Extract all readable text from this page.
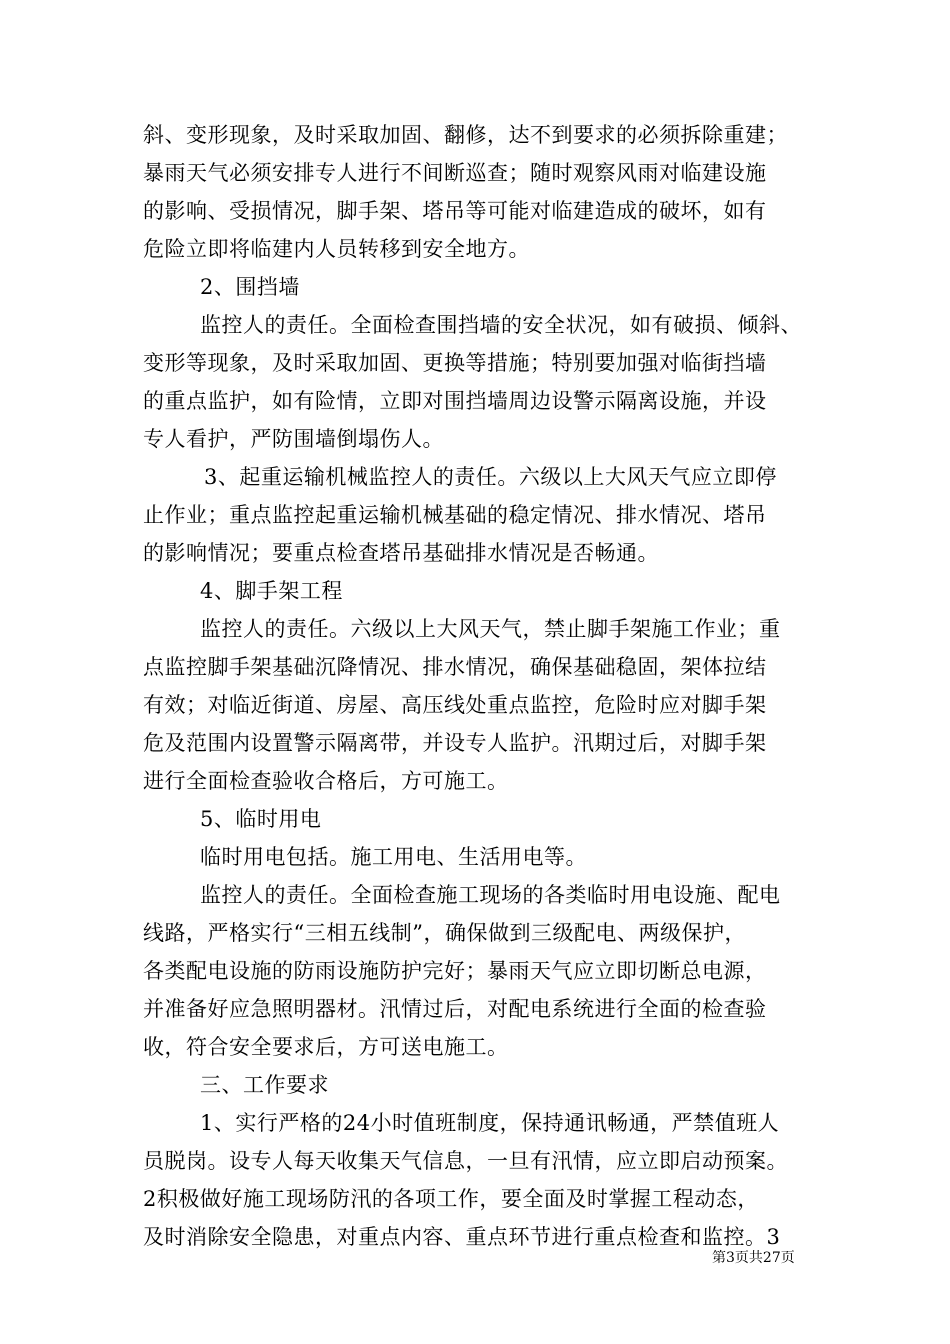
斜、变形现象，及时采取加固、翻修，达不到要求的必须拆除重建；
暴雨天气必须安排专人进行不间断巡查；随时观察风雨对临建设施
的影响、受损情况，脚手架、塔吊等可能对临建造成的破坏，如有
危险立即将临建内人员转移到安全地方。
2、围挡墙
监控人的责任。全面检查围挡墙的安全状况，如有破损、倾斜、
变形等现象，及时采取加固、更换等措施；特别要加强对临街挡墙
的重点监护，如有险情，立即对围挡墙周边设警示隔离设施，并设
专人看护，严防围墙倒塌伤人。
3、起重运输机械监控人的责任。六级以上大风天气应立即停
止作业；重点监控起重运输机械基础的稳定情况、排水情况、塔吊
的影响情况；要重点检查塔吊基础排水情况是否畅通。
4、脚手架工程
监控人的责任。六级以上大风天气，禁止脚手架施工作业；重
点监控脚手架基础沉降情况、排水情况，确保基础稳固，架体拉结
有效；对临近街道、房屋、高压线处重点监控，危险时应对脚手架
危及范围内设置警示隔离带，并设专人监护。汛期过后，对脚手架
进行全面检查验收合格后，方可施工。
5、临时用电
临时用电包括。施工用电、生活用电等。
监控人的责任。全面检查施工现场的各类临时用电设施、配电
线路，严格实行“三相五线制”，确保做到三级配电、两级保护，
各类配电设施的防雨设施防护完好；暴雨天气应立即切断总电源，
并准备好应急照明器材。汛情过后，对配电系统进行全面的检查验
收，符合安全要求后，方可送电施工。
三、工作要求
1、实行严格的24小时值班制度，保持通讯畅通，严禁值班人
员脱岗。设专人每天收集天气信息，一旦有汛情，应立即启动预案。
2积极做好施工现场防汛的各项工作，要全面及时掌握工程动态，
及时消除安全隐患，对重点内容、重点环节进行重点检查和监控。3
第3页共27页
